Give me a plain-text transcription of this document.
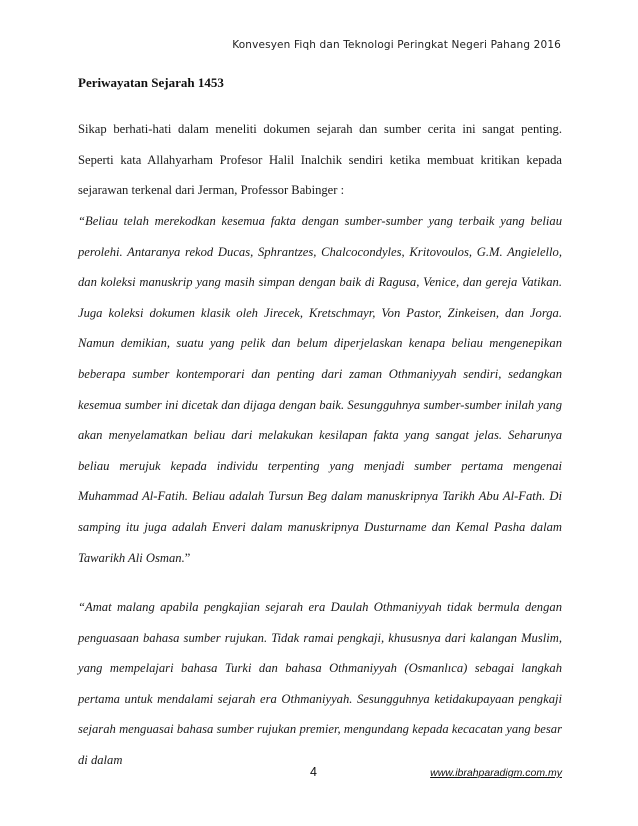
Konvesyen Fiqh dan Teknologi Peringkat Negeri Pahang 2016
Periwayatan Sejarah 1453

Sikap berhati-hati dalam meneliti dokumen sejarah dan sumber cerita ini sangat penting. Seperti kata Allahyarham Profesor Halil Inalchik sendiri ketika membuat kritikan kepada sejarawan terkenal dari Jerman, Professor Babinger :

“Beliau telah merekodkan kesemua fakta dengan sumber-sumber yang terbaik yang beliau perolehi. Antaranya rekod Ducas, Sphrantzes, Chalcocondyles, Kritovoulos, G.M. Angielello, dan koleksi manuskrip yang masih simpan dengan baik di Ragusa, Venice, dan gereja Vatikan. Juga koleksi dokumen klasik oleh Jirecek, Kretschmayr, Von Pastor, Zinkeisen, dan Jorga. Namun demikian, suatu yang pelik dan belum diperjelaskan kenapa beliau mengenepikan beberapa sumber kontemporari dan penting dari zaman Othmaniyyah sendiri, sedangkan kesemua sumber ini dicetak dan dijaga dengan baik. Sesungguhnya sumber-sumber inilah yang akan menyelamatkan beliau dari melakukan kesilapan fakta yang sangat jelas. Seharunya beliau merujuk kepada individu terpenting yang menjadi sumber pertama mengenai Muhammad Al-Fatih. Beliau adalah Tursun Beg dalam manuskripnya Tarikh Abu Al-Fath. Di samping itu juga adalah Enveri dalam manuskripnya Dusturname dan Kemal Pasha dalam Tawarikh Ali Osman.”

“Amat malang apabila pengkajian sejarah era Daulah Othmaniyyah tidak bermula dengan penguasaan bahasa sumber rujukan. Tidak ramai pengkaji, khususnya dari kalangan Muslim, yang mempelajari bahasa Turki dan bahasa Othmaniyyah (Osmanlıca) sebagai langkah pertama untuk mendalami sejarah era Othmaniyyah. Sesungguhnya ketidakupayaan pengkaji sejarah menguasai bahasa sumber rujukan premier, mengundang kepada kecacatan yang besar di dalam

4	www.ibrahparadigm.com.my
